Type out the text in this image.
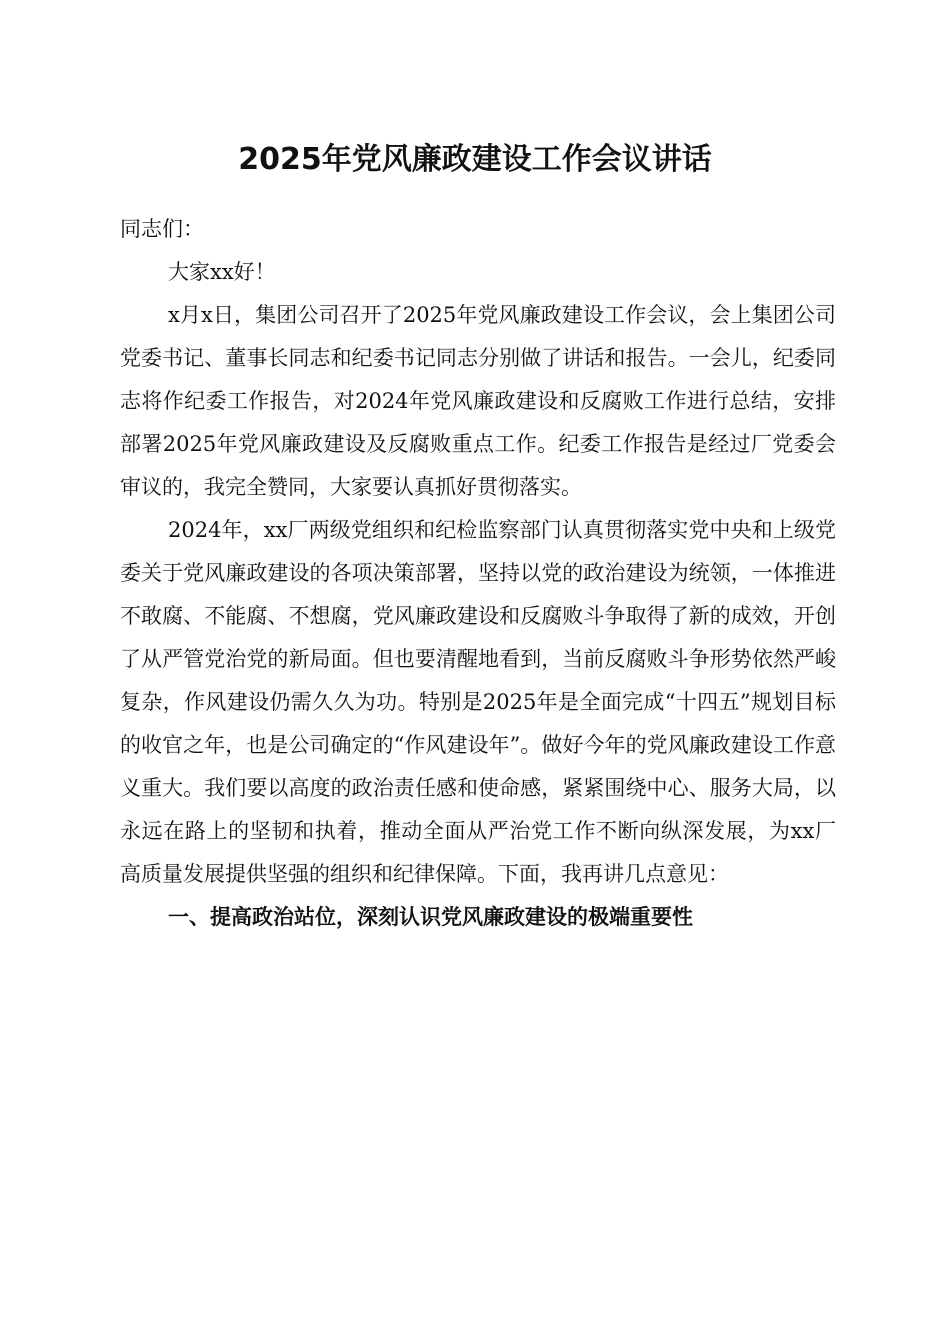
2025年党风廉政建设工作会议讲话

同志们：

大家xx好！

x月x日，集团公司召开了2025年党风廉政建设工作会议，会上集团公司党委书记、董事长同志和纪委书记同志分别做了讲话和报告。一会儿，纪委同志将作纪委工作报告，对2024年党风廉政建设和反腐败工作进行总结，安排部署2025年党风廉政建设及反腐败重点工作。纪委工作报告是经过厂党委会审议的，我完全赞同，大家要认真抓好贯彻落实。

2024年，xx厂两级党组织和纪检监察部门认真贯彻落实党中央和上级党委关于党风廉政建设的各项决策部署，坚持以党的政治建设为统领，一体推进不敢腐、不能腐、不想腐，党风廉政建设和反腐败斗争取得了新的成效，开创了从严管党治党的新局面。但也要清醒地看到，当前反腐败斗争形势依然严峻复杂，作风建设仍需久久为功。特别是2025年是全面完成“十四五”规划目标的收官之年，也是公司确定的“作风建设年”。做好今年的党风廉政建设工作意义重大。我们要以高度的政治责任感和使命感，紧紧围绕中心、服务大局，以永远在路上的坚韧和执着，推动全面从严治党工作不断向纵深发展，为xx厂高质量发展提供坚强的组织和纪律保障。下面，我再讲几点意见：

一、提高政治站位，深刻认识党风廉政建设的极端重要性
